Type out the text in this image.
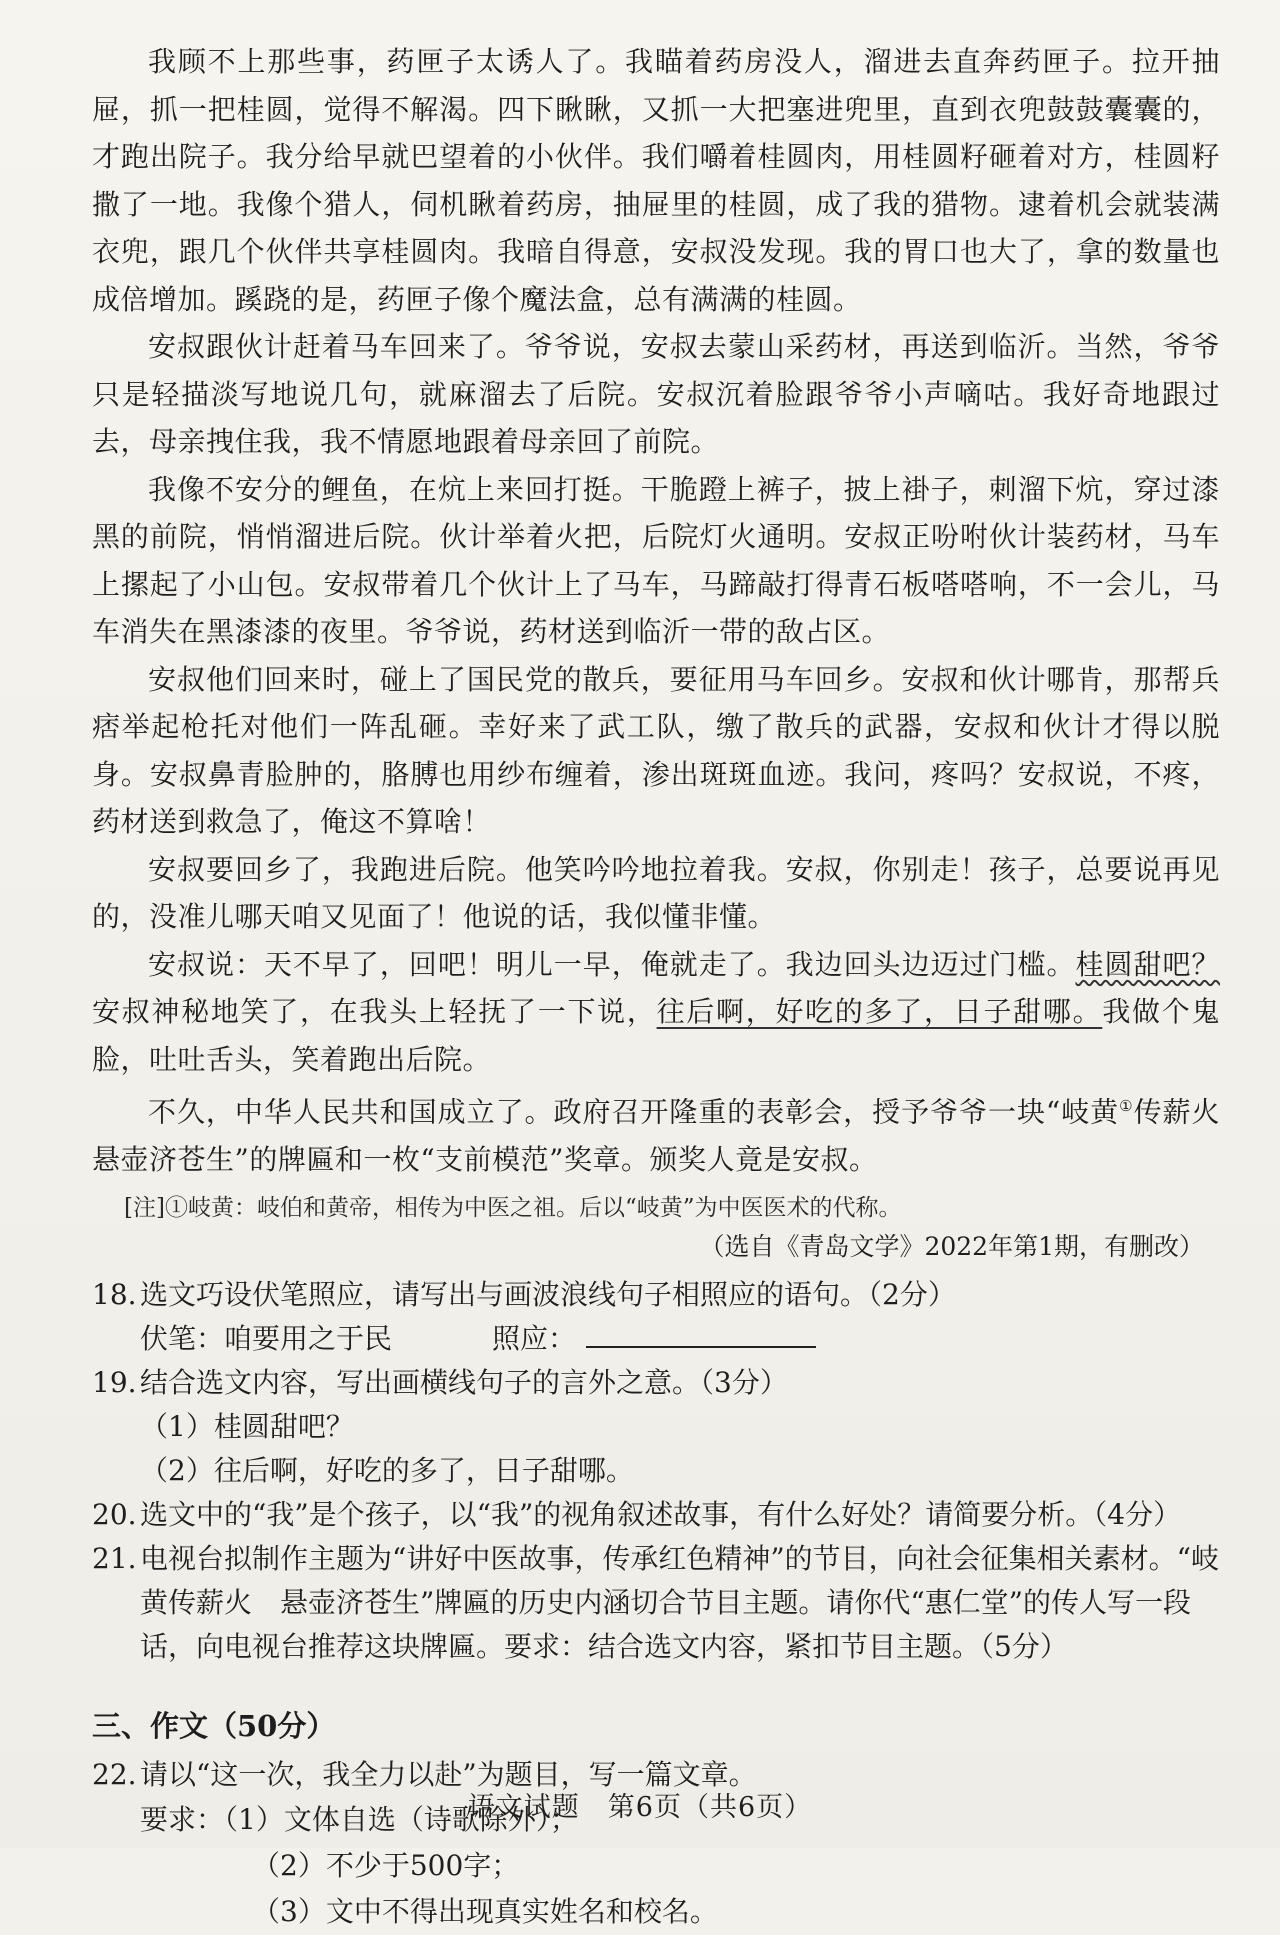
我顾不上那些事，药匣子太诱人了。我瞄着药房没人，溜进去直奔药匣子。拉开抽屉，抓一把桂圆，觉得不解渴。四下瞅瞅，又抓一大把塞进兜里，直到衣兜鼓鼓囊囊的，才跑出院子。我分给早就巴望着的小伙伴。我们嚼着桂圆肉，用桂圆籽砸着对方，桂圆籽撒了一地。我像个猎人，伺机瞅着药房，抽屉里的桂圆，成了我的猎物。逮着机会就装满衣兜，跟几个伙伴共享桂圆肉。我暗自得意，安叔没发现。我的胃口也大了，拿的数量也成倍增加。蹊跷的是，药匣子像个魔法盒，总有满满的桂圆。

安叔跟伙计赶着马车回来了。爷爷说，安叔去蒙山采药材，再送到临沂。当然，爷爷只是轻描淡写地说几句，就麻溜去了后院。安叔沉着脸跟爷爷小声嘀咕。我好奇地跟过去，母亲拽住我，我不情愿地跟着母亲回了前院。

我像不安分的鲤鱼，在炕上来回打挺。干脆蹬上裤子，披上褂子，刺溜下炕，穿过漆黑的前院，悄悄溜进后院。伙计举着火把，后院灯火通明。安叔正吩咐伙计装药材，马车上摞起了小山包。安叔带着几个伙计上了马车，马蹄敲打得青石板嗒嗒响，不一会儿，马车消失在黑漆漆的夜里。爷爷说，药材送到临沂一带的敌占区。

安叔他们回来时，碰上了国民党的散兵，要征用马车回乡。安叔和伙计哪肯，那帮兵痞举起枪托对他们一阵乱砸。幸好来了武工队，缴了散兵的武器，安叔和伙计才得以脱身。安叔鼻青脸肿的，胳膊也用纱布缠着，渗出斑斑血迹。我问，疼吗？安叔说，不疼，药材送到救急了，俺这不算啥！

安叔要回乡了，我跑进后院。他笑吟吟地拉着我。安叔，你别走！孩子，总要说再见的，没准儿哪天咱又见面了！他说的话，我似懂非懂。

安叔说：天不早了，回吧！明儿一早，俺就走了。我边回头边迈过门槛。桂圆甜吧？安叔神秘地笑了，在我头上轻抚了一下说，往后啊，好吃的多了，日子甜哪。我做个鬼脸，吐吐舌头，笑着跑出后院。

不久，中华人民共和国成立了。政府召开隆重的表彰会，授予爷爷一块“岐黄①传薪火　悬壶济苍生”的牌匾和一枚“支前模范”奖章。颁奖人竟是安叔。

[注]①岐黄：岐伯和黄帝，相传为中医之祖。后以“岐黄”为中医医术的代称。

（选自《青岛文学》2022年第1期，有删改）

18. 选文巧设伏笔照应，请写出与画波浪线句子相照应的语句。（2分）

伏笔：咱要用之于民	照应：

19. 结合选文内容，写出画横线句子的言外之意。（3分）

（1）桂圆甜吧？

（2）往后啊，好吃的多了，日子甜哪。

20. 选文中的“我”是个孩子，以“我”的视角叙述故事，有什么好处？请简要分析。（4分）

21. 电视台拟制作主题为“讲好中医故事，传承红色精神”的节目，向社会征集相关素材。“岐黄传薪火　悬壶济苍生”牌匾的历史内涵切合节目主题。请你代“惠仁堂”的传人写一段话，向电视台推荐这块牌匾。要求：结合选文内容，紧扣节目主题。（5分）

三、作文（50分）

22. 请以“这一次，我全力以赴”为题目，写一篇文章。

要求：（1）文体自选（诗歌除外）；

（2）不少于500字；

（3）文中不得出现真实姓名和校名。

语文试题　第6页（共6页）
